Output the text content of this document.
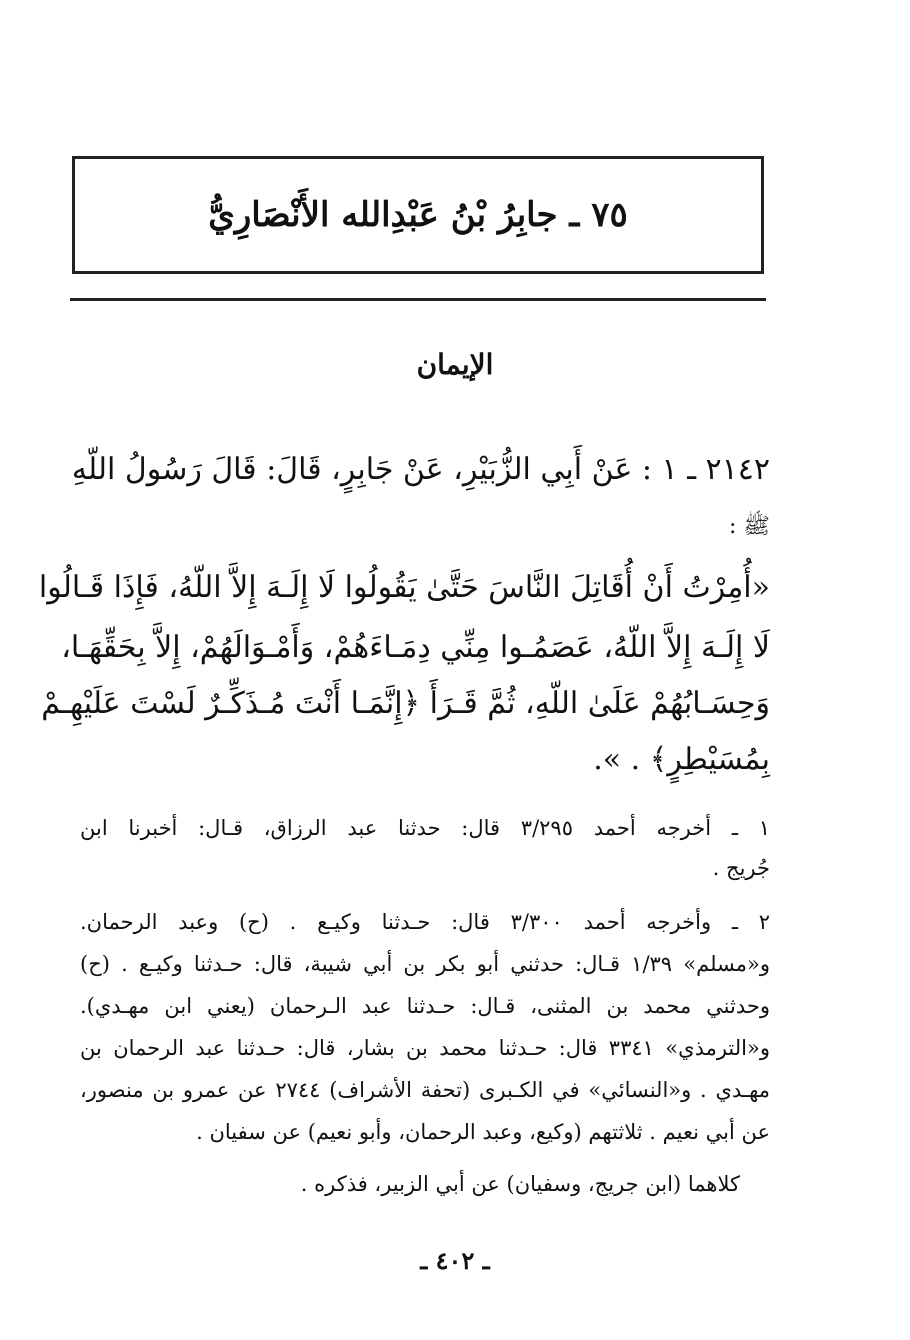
٧٥ ـ جابِرُ بْنُ عَبْدِالله الأَنْصَارِيُّ
الإيمان
٢١٤٢ ـ ١ : عَنْ أَبِي الزُّبَيْرِ، عَنْ جَابِرٍ، قَالَ: قَالَ رَسُولُ اللّهِ
ﷺ :
«أُمِرْتُ أَنْ أُقَاتِلَ النَّاسَ حَتَّىٰ يَقُولُوا لَا إِلَـهَ إِلاَّ اللّهُ، فَإِذَا قَـالُوا
لَا إِلَـهَ إِلاَّ اللّهُ، عَصَمُـوا مِنِّي دِمَـاءَهُمْ، وَأَمْـوَالَهُمْ، إِلاَّ بِحَقِّهَـا،
وَحِسَـابُهُمْ عَلَىٰ اللّهِ، ثُمَّ قَـرَأَ ﴿إِنَّمَـا أَنْتَ مُـذَكِّـرٌ لَسْتَ عَلَيْهِـمْ
بِمُسَيْطِرٍ﴾ . ».
١ ـ أخرجه أحمد ٣/٢٩٥ قال: حدثنا عبد الرزاق، قـال: أخبرنا ابن
جُريج .
٢ ـ وأخرجه أحمد ٣/٣٠٠ قال: حـدثنا وكيـع . (ح) وعبد الرحمان.
و«مسلم» ١/٣٩ قـال: حدثني أبو بكر بن أبي شيبة، قال: حـدثنا وكيـع . (ح)
وحدثني محمد بن المثنى، قـال: حـدثنا عبد الـرحمان (يعني ابن مهـدي).
و«الترمذي» ٣٣٤١ قال: حـدثنا محمد بن بشار، قال: حـدثنا عبد الرحمان بن
مهـدي . و«النسائي» في الكـبرى (تحفة الأشراف) ٢٧٤٤ عن عمرو بن منصور،
عن أبي نعيم . ثلاثتهم (وكيع، وعبد الرحمان، وأبو نعيم) عن سفيان .
كلاهما (ابن جريج، وسفيان) عن أبي الزبير، فذكره .
ـ ٤٠٢ ـ
